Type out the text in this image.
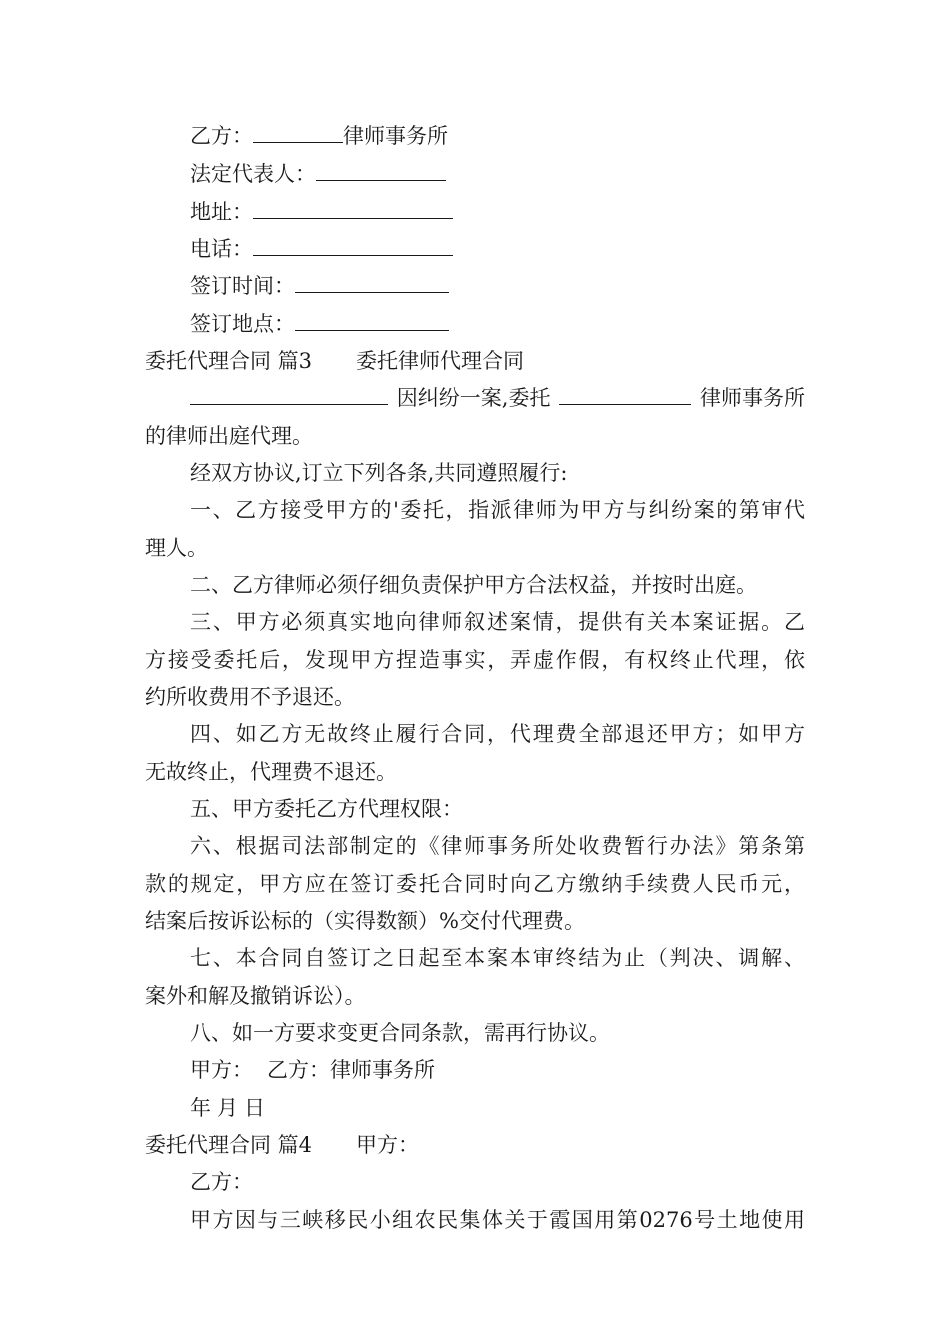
乙方：	律师事务所
法定代表人：
地址：
电话：
签订时间：
签订地点：
委托代理合同 篇3 委托律师代理合同
因纠纷一案,委托	律师事务所
的律师出庭代理。
经双方协议,订立下列各条,共同遵照履行:
一、乙方接受甲方的'委托，指派律师为甲方与纠纷案的第审代
理人。
二、乙方律师必须仔细负责保护甲方合法权益，并按时出庭。
三、甲方必须真实地向律师叙述案情，提供有关本案证据。乙
方接受委托后，发现甲方捏造事实，弄虚作假，有权终止代理，依
约所收费用不予退还。
四、如乙方无故终止履行合同，代理费全部退还甲方；如甲方
无故终止，代理费不退还。
五、甲方委托乙方代理权限：
六、根据司法部制定的《律师事务所处收费暂行办法》第条第
款的规定，甲方应在签订委托合同时向乙方缴纳手续费人民币元，
结案后按诉讼标的（实得数额）%交付代理费。
七、本合同自签订之日起至本案本审终结为止（判决、调解、
案外和解及撤销诉讼）。
八、如一方要求变更合同条款，需再行协议。
甲方： 乙方：律师事务所
年 月 日
委托代理合同 篇4 甲方：
乙方：
甲方因与三峡移民小组农民集体关于霞国用第0276号土地使用
